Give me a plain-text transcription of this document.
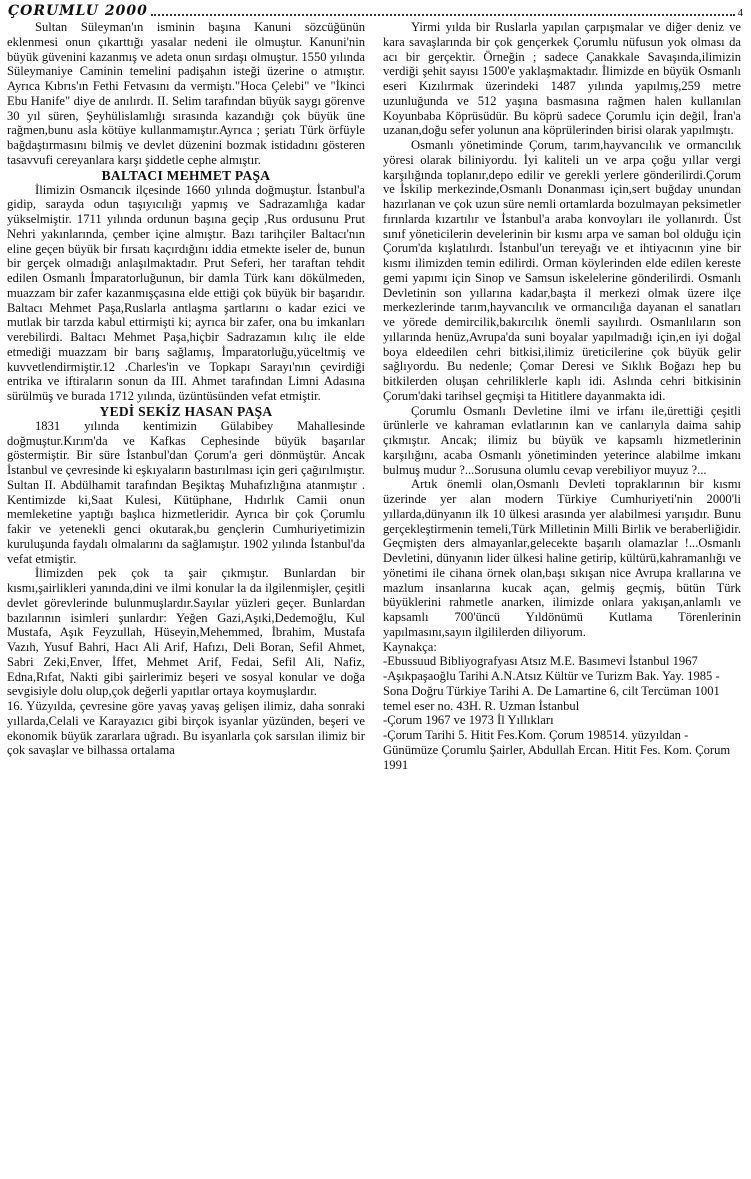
ÇORUMLU 2000	4

Sultan Süleyman'ın isminin başına Kanuni sözcüğünün eklenmesi onun çıkarttığı yasalar nedeni ile olmuştur. Kanuni'nin büyük güvenini kazanmış ve adeta onun sırdaşı olmuştur. 1550 yılında Süleymaniye Caminin temelini padişahın isteği üzerine o atmıştır. Ayrıca Kıbrıs'ın Fethi Fetvasını da vermiştı."Hoca Çelebi" ve "İkinci Ebu Hanife" diye de anılırdı. II. Selim tarafından büyük saygı görenve 30 yıl süren, Şeyhülislamlığı sırasında kazandığı çok büyük üne rağmen,bunu asla kötüye kullanmamıştır.Ayrıca ; şeriatı Türk örfüyle bağdaştırmasını bilmiş ve devlet düzenini bozmak istidadını gösteren tasavvufi cereyanlara karşı şiddetle cephe almıştır.

BALTACI MEHMET PAŞA

İlimizin Osmancık ilçesinde 1660 yılında doğmuştur. İstanbul'a gidip, sarayda odun taşıyıcılığı yapmış ve Sadrazamlığa kadar yükselmiştir. 1711 yılında ordunun başına geçip ,Rus ordusunu Prut Nehri yakınlarında, çember içine almıştır. Bazı tarihçiler Baltacı'nın eline geçen büyük bir fırsatı kaçırdığını iddia etmekte iseler de, bunun bir gerçek olmadığı anlaşılmaktadır. Prut Seferi, her taraftan tehdit edilen Osmanlı İmparatorluğunun, bir damla Türk kanı dökülmeden, muazzam bir zafer kazanmışçasına elde ettiği çok büyük bir başarıdır. Baltacı Mehmet Paşa,Ruslarla antlaşma şartlarını o kadar ezici ve mutlak bir tarzda kabul ettirmişti ki; ayrıca bir zafer, ona bu imkanları verebilirdi. Baltacı Mehmet Paşa,hiçbir Sadrazamın kılıç ile elde etmediği muazzam bir barış sağlamış, İmparatorluğu,yüceltmiş ve kuvvetlendirmiştir.12 .Charles'in ve Topkapı Sarayı'nın çevirdiği entrika ve iftiraların sonun da III. Ahmet tarafından Limni Adasına sürülmüş ve burada 1712 yılında, üzüntüsünden vefat etmiştir.

YEDİ SEKİZ HASAN PAŞA

1831 yılında kentimizin Gülabibey Mahallesinde doğmuştur.Kırım'da ve Kafkas Cephesinde büyük başarılar göstermiştir. Bir süre İstanbul'dan Çorum'a geri dönmüştür. Ancak İstanbul ve çevresinde ki eşkıyaların bastırılması için geri çağırılmıştır. Sultan II. Abdülhamit tarafından Beşiktaş Muhafızlığına atanmıştır . Kentimizde ki,Saat Kulesi, Kütüphane, Hıdırlık Camii onun memleketine yaptığı başlıca hizmetleridir. Ayrıca bir çok Çorumlu fakir ve yetenekli genci okutarak,bu gençlerin Cumhuriyetimizin kuruluşunda faydalı olmalarını da sağlamıştır. 1902 yılında İstanbul'da vefat etmiştir.

İlimizden pek çok ta şair çıkmıştır. Bunlardan bir kısmı,şairlikleri yanında,dini ve ilmi konular la da ilgilenmişler, çeşitli devlet görevlerinde bulunmuşlardır.Sayılar yüzleri geçer. Bunlardan bazılarının isimleri şunlardır: Yeğen Gazi,Aşıki,Dedemoğlu, Kul Mustafa, Aşık Feyzullah, Hüseyin,Mehemmed, İbrahim, Mustafa Vazıh, Yusuf Bahri, Hacı Ali Arif, Hafızı, Deli Boran, Sefil Ahmet, Sabri Zeki,Enver, İffet, Mehmet Arif, Fedai, Sefil Ali, Nafiz, Edna,Rıfat, Nakti gibi şairlerimiz beşeri ve sosyal konular ve doğa sevgisiyle dolu olup,çok değerli yapıtlar ortaya koymuşlardır.

16. Yüzyılda, çevresine göre yavaş yavaş gelişen ilimiz, daha sonraki yıllarda,Celali ve Karayazıcı gibi birçok isyanlar yüzünden, beşeri ve ekonomik büyük zararlara uğradı. Bu isyanlarla çok sarsılan ilimiz bir çok savaşlar ve bilhassa ortalama

Yirmi yılda bir Ruslarla yapılan çarpışmalar ve diğer deniz ve kara savaşlarında bir çok gençerkek Çorumlu nüfusun yok olması da acı bir gerçektir. Örneğin ; sadece Çanakkale Savaşında,ilimizin verdiği şehit sayısı 1500'e yaklaşmaktadır. İlimizde en büyük Osmanlı eseri Kızılırmak üzerindeki 1487 yılında yapılmış,259 metre uzunluğunda ve 512 yaşına basmasına rağmen halen kullanılan Koyunbaba Köprüsüdür. Bu köprü sadece Çorumlu için değil, İran'a uzanan,doğu sefer yolunun ana köprülerinden birisi olarak yapılmıştı.

Osmanlı yönetiminde Çorum, tarım,hayvancılık ve ormancılık yöresi olarak biliniyordu. İyi kaliteli un ve arpa çoğu yıllar vergi karşılığında toplanır,depo edilir ve gerekli yerlere gönderilirdi.Çorum ve İskilip merkezinde,Osmanlı Donanması için,sert buğday unundan hazırlanan ve çok uzun süre nemli ortamlarda bozulmayan peksimetler fırınlarda kızartılır ve İstanbul'a araba konvoyları ile yollanırdı. Üst sınıf yöneticilerin develerinin bir kısmı arpa ve saman bol olduğu için Çorum'da kışlatılırdı. İstanbul'un tereyağı ve et ihtiyacının yine bir kısmı ilimizden temin edilirdi. Orman köylerinden elde edilen kereste gemi yapımı için Sinop ve Samsun iskelelerine gönderilirdi. Osmanlı Devletinin son yıllarına kadar,başta il merkezi olmak üzere ilçe merkezlerinde tarım,hayvancılık ve ormancılığa dayanan el sanatları ve yörede demircilik,bakırcılık önemli sayılırdı. Osmanlıların son yıllarında henüz,Avrupa'da suni boyalar yapılmadığı için,en iyi doğal boya eldeedilen cehri bitkisi,ilimiz üreticilerine çok büyük gelir sağlıyordu. Bu nedenle; Çomar Deresi ve Sıklık Boğazı hep bu bitkilerden oluşan cehriliklerle kaplı idi. Aslında cehri bitkisinin Çorum'daki tarihsel geçmişi ta Hititlere dayanmakta idi.

Çorumlu Osmanlı Devletine ilmi ve irfanı ile,ürettiği çeşitli ürünlerle ve kahraman evlatlarının kan ve canlarıyla daima sahip çıkmıştır. Ancak; ilimiz bu büyük ve kapsamlı hizmetlerinin karşılığını, acaba Osmanlı yönetiminden yeterince alabilme imkanı bulmuş mudur ?...Sorusuna olumlu cevap verebiliyor muyuz ?...

Artık önemli olan,Osmanlı Devleti topraklarının bir kısmı üzerinde yer alan modern Türkiye Cumhuriyeti'nin 2000'li yıllarda,dünyanın ilk 10 ülkesi arasında yer alabilmesi yarışıdır. Bunu gerçekleştirmenin temeli,Türk Milletinin Milli Birlik ve beraberliğidir. Geçmişten ders almayanlar,gelecekte başarılı olamazlar !...Osmanlı Devletini, dünyanın lider ülkesi haline getirip, kültürü,kahramanlığı ve yönetimi ile cihana örnek olan,başı sıkışan nice Avrupa krallarına ve mazlum insanlarına kucak açan, gelmiş geçmiş, bütün Türk büyüklerini rahmetle anarken, ilimizde onlara yakışan,anlamlı ve kapsamlı 700'üncü Yıldönümü Kutlama Törenlerinin yapılmasını,sayın ilgililerden diliyorum.

Kaynakça:

-Ebussuud Bibliyografyası Atsız M.E. Basımevi İstanbul 1967

-Aşıkpaşaoğlu Tarihi A.N.Atsız Kültür ve Turizm Bak. Yay. 1985 -Sona Doğru Türkiye Tarihi A. De Lamartine 6, cilt Tercüman 1001 temel eser no. 43H. R. Uzman İstanbul

-Çorum 1967 ve 1973 İl Yıllıkları

-Çorum Tarihi 5. Hitit Fes.Kom. Çorum 198514. yüzyıldan -Günümüze Çorumlu Şairler, Abdullah Ercan. Hitit Fes. Kom. Çorum 1991
